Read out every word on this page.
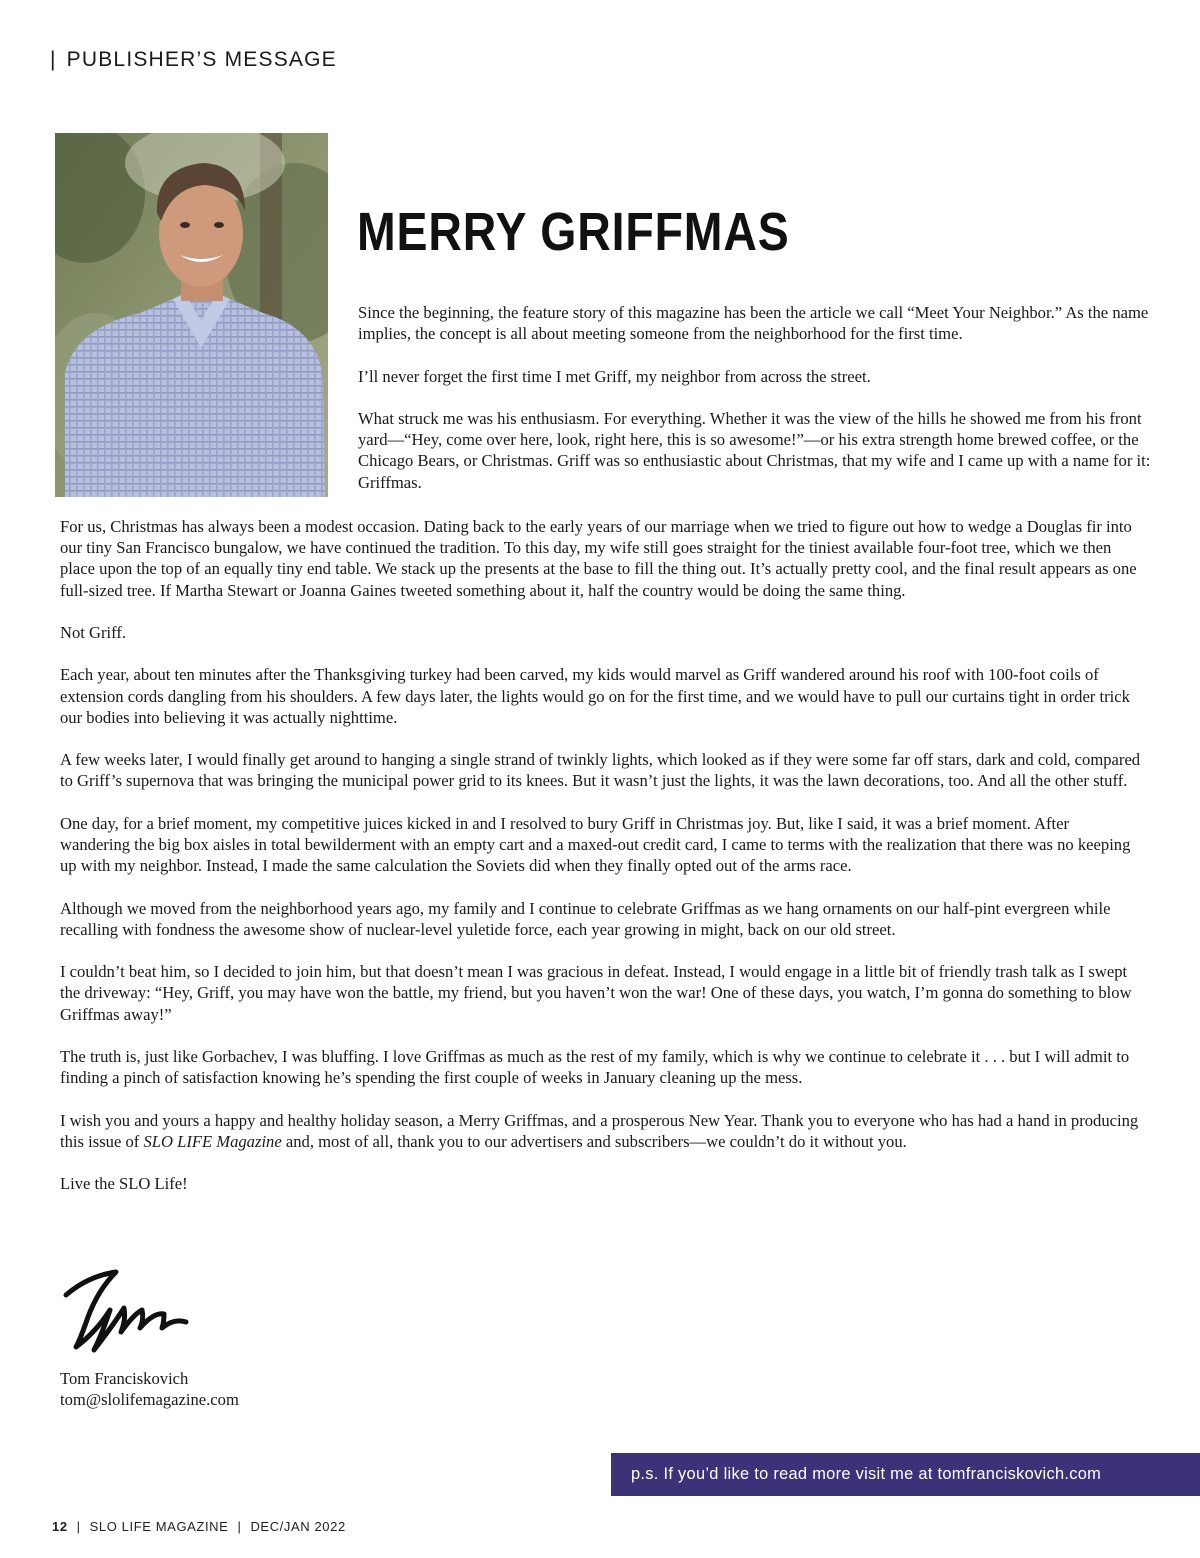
| PUBLISHER’S MESSAGE
MERRY GRIFFMAS

Since the beginning, the feature story of this magazine has been the article we call “Meet Your Neighbor.” As the name implies, the concept is all about meeting someone from the neighborhood for the first time.

I’ll never forget the first time I met Griff, my neighbor from across the street.

What struck me was his enthusiasm. For everything. Whether it was the view of the hills he showed me from his front yard—“Hey, come over here, look, right here, this is so awesome!”—or his extra strength home brewed coffee, or the Chicago Bears, or Christmas. Griff was so enthusiastic about Christmas, that my wife and I came up with a name for it: Griffmas.

For us, Christmas has always been a modest occasion. Dating back to the early years of our marriage when we tried to figure out how to wedge a Douglas fir into our tiny San Francisco bungalow, we have continued the tradition. To this day, my wife still goes straight for the tiniest available four-foot tree, which we then place upon the top of an equally tiny end table. We stack up the presents at the base to fill the thing out. It’s actually pretty cool, and the final result appears as one full-sized tree. If Martha Stewart or Joanna Gaines tweeted something about it, half the country would be doing the same thing.

Not Griff.

Each year, about ten minutes after the Thanksgiving turkey had been carved, my kids would marvel as Griff wandered around his roof with 100-foot coils of extension cords dangling from his shoulders. A few days later, the lights would go on for the first time, and we would have to pull our curtains tight in order trick our bodies into believing it was actually nighttime.

A few weeks later, I would finally get around to hanging a single strand of twinkly lights, which looked as if they were some far off stars, dark and cold, compared to Griff’s supernova that was bringing the municipal power grid to its knees. But it wasn’t just the lights, it was the lawn decorations, too. And all the other stuff.

One day, for a brief moment, my competitive juices kicked in and I resolved to bury Griff in Christmas joy. But, like I said, it was a brief moment. After wandering the big box aisles in total bewilderment with an empty cart and a maxed-out credit card, I came to terms with the realization that there was no keeping up with my neighbor. Instead, I made the same calculation the Soviets did when they finally opted out of the arms race.

Although we moved from the neighborhood years ago, my family and I continue to celebrate Griffmas as we hang ornaments on our half-pint evergreen while recalling with fondness the awesome show of nuclear-level yuletide force, each year growing in might, back on our old street.

I couldn’t beat him, so I decided to join him, but that doesn’t mean I was gracious in defeat. Instead, I would engage in a little bit of friendly trash talk as I swept the driveway: “Hey, Griff, you may have won the battle, my friend, but you haven’t won the war! One of these days, you watch, I’m gonna do something to blow Griffmas away!”

The truth is, just like Gorbachev, I was bluffing. I love Griffmas as much as the rest of my family, which is why we continue to celebrate it . . . but I will admit to finding a pinch of satisfaction knowing he’s spending the first couple of weeks in January cleaning up the mess.

I wish you and yours a happy and healthy holiday season, a Merry Griffmas, and a prosperous New Year. Thank you to everyone who has had a hand in producing this issue of SLO LIFE Magazine and, most of all, thank you to our advertisers and subscribers—we couldn’t do it without you.

Live the SLO Life!

Tom Franciskovich
tom@slolifemagazine.com
p.s. If you’d like to read more visit me at tomfranciskovich.com
12 | SLO LIFE MAGAZINE | DEC/JAN 2022
